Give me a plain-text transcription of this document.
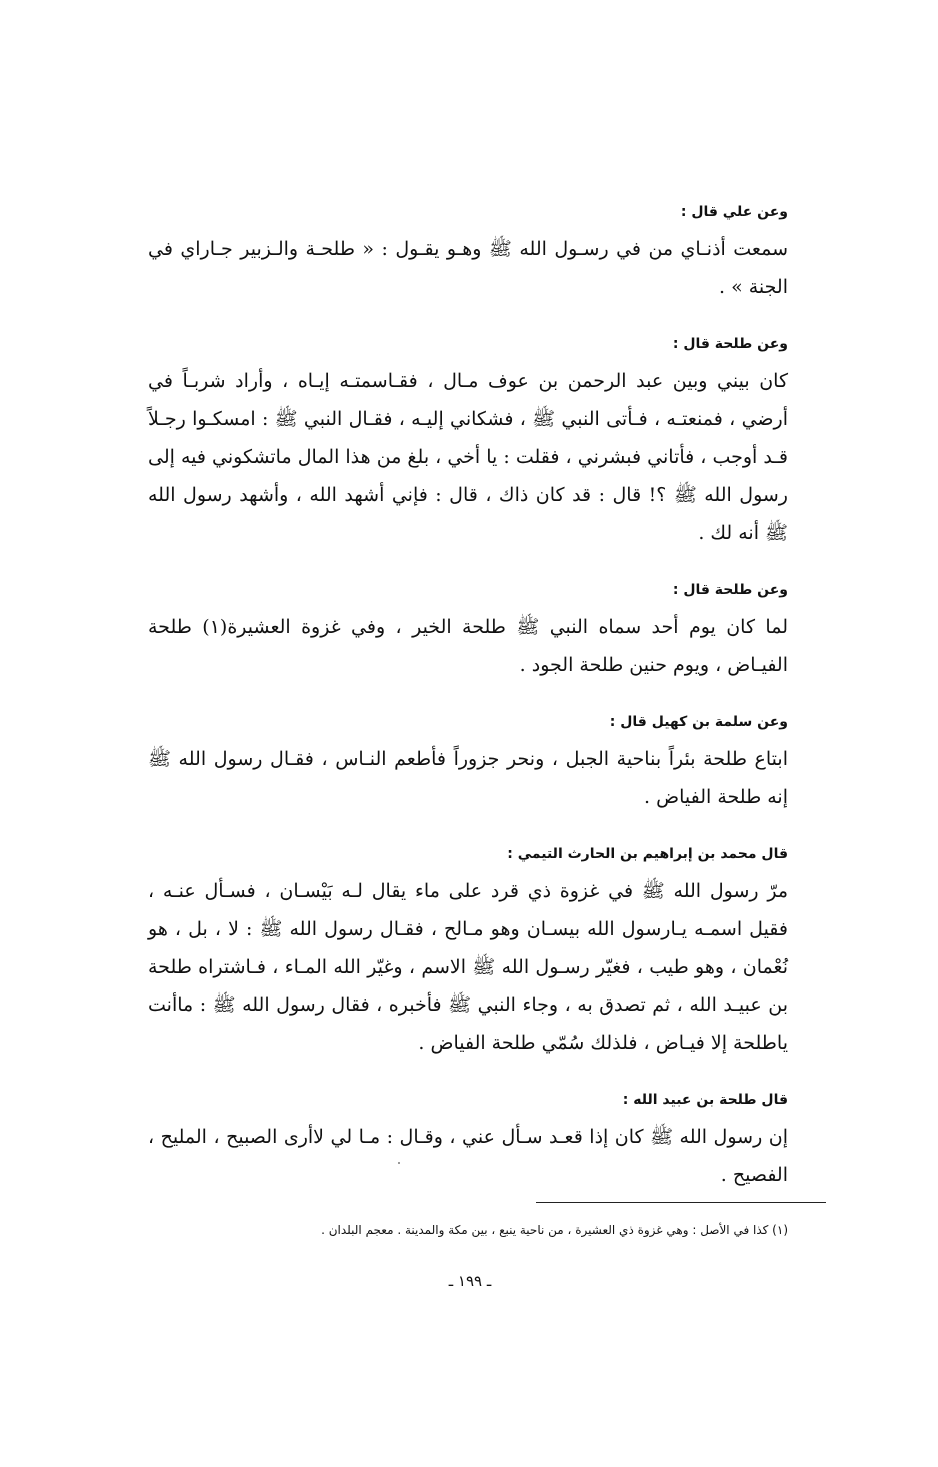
وعن علي قال :

سمعت أذنـاي من في رسـول الله ﷺ وهـو يقـول : « طلحـة والـزبير جـاراي في الجنة » .

وعن طلحة قال :

كان بيني وبين عبد الرحمن بن عوف مـال ، فقـاسمتـه إيـاه ، وأراد شربـاً في أرضي ، فمنعتـه ، فـأتى النبي ﷺ ، فشكاني إليـه ، فقـال النبي ﷺ : امسكـوا رجـلاً قـد أوجب ، فأتاني فبشرني ، فقلت : يا أخي ، بلغ من هذا المال ماتشكوني فيه إلى رسول الله ﷺ ؟! قال : قد كان ذاك ، قال : فإني أشهد الله ، وأشهد رسول الله ﷺ أنه لك .

وعن طلحة قال :

لما كان يوم أحد سماه النبي ﷺ طلحة الخير ، وفي غزوة العشيرة(١) طلحة الفيـاض ، ويوم حنين طلحة الجود .

وعن سلمة بن كهيل قال :

ابتاع طلحة بئراً بناحية الجبل ، ونحر جزوراً فأطعم النـاس ، فقـال رسول الله ﷺ إنه طلحة الفياض .

قال محمد بن إبراهيم بن الحارث التيمي :

مرّ رسول الله ﷺ في غزوة ذي قرد على ماء يقال لـه بَيْسـان ، فسـأل عنـه ، فقيل اسمـه يـارسول الله بيسـان وهو مـالح ، فقـال رسول الله ﷺ : لا ، بل ، هو نُعْمان ، وهو طيب ، فغيّر رسـول الله ﷺ الاسم ، وغيّر الله المـاء ، فـاشتراه طلحة بن عبيـد الله ، ثم تصدق به ، وجاء النبي ﷺ فأخبره ، فقال رسول الله ﷺ : ماأنت ياطلحة إلا فيـاض ، فلذلك سُمّي طلحة الفياض .

قال طلحة بن عبيد الله :

إن رسول الله ﷺ كان إذا قعـد سـأل عني ، وقـال : مـا لي لاأرى الصبيح ، المليح ، الفصيح .

(١) كذا في الأصل : وهي غزوة ذي العشيرة ، من ناحية ينبع ، بين مكة والمدينة . معجم البلدان .
ـ ١٩٩ ـ
